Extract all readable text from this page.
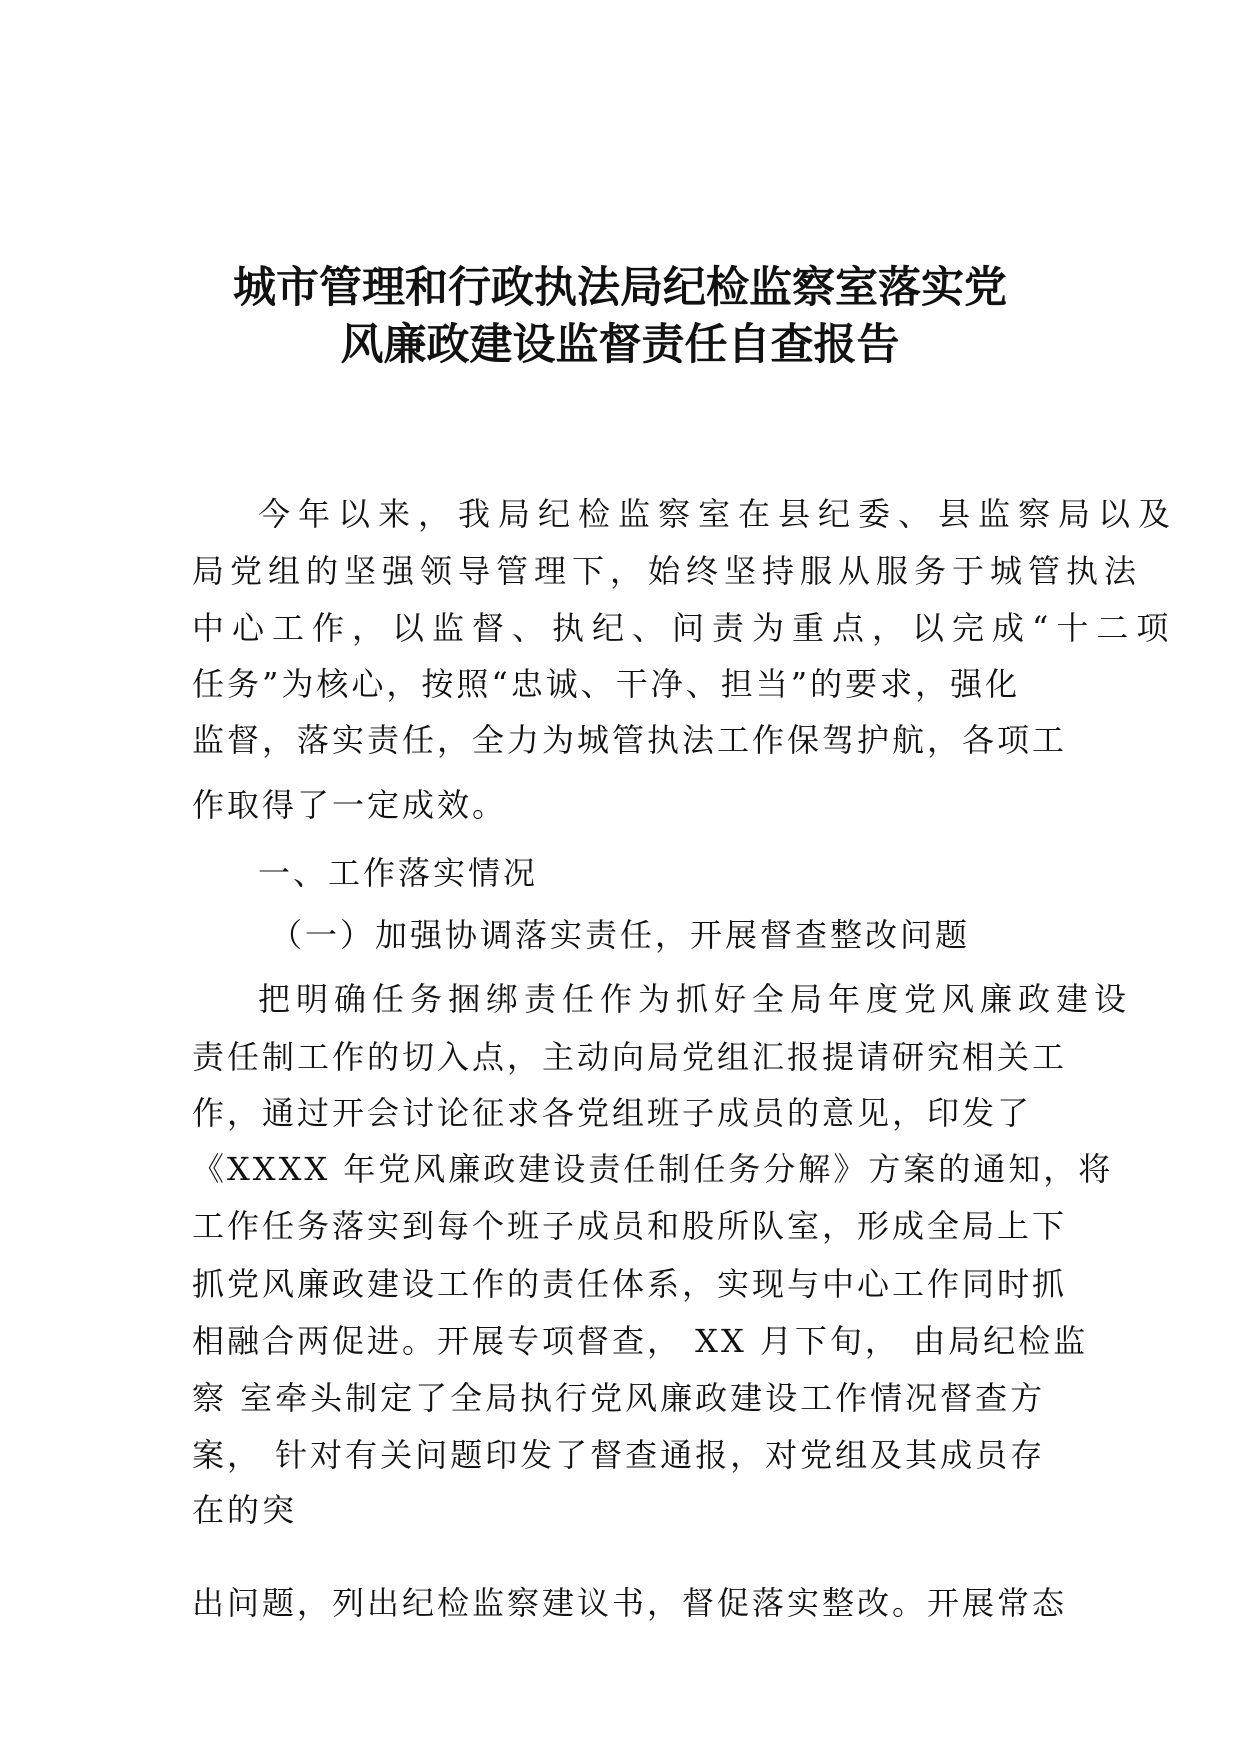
城市管理和行政执法局纪检监察室落实党
风廉政建设监督责任自查报告
今年以来，我局纪检监察室在县纪委、县监察局以及
局党组的坚强领导管理下，始终坚持服从服务于城管执法
中心工作，以监督、执纪、问责为重点，以完成“十二项
任务”为核心，按照“忠诚、干净、担当”的要求，强化
监督，落实责任，全力为城管执法工作保驾护航，各项工
作取得了一定成效。
一、工作落实情况
（一）加强协调落实责任，开展督查整改问题
把明确任务捆绑责任作为抓好全局年度党风廉政建设
责任制工作的切入点，主动向局党组汇报提请研究相关工
作，通过开会讨论征求各党组班子成员的意见，印发了
《XXXX 年党风廉政建设责任制任务分解》方案的通知，将
工作任务落实到每个班子成员和股所队室，形成全局上下
抓党风廉政建设工作的责任体系，实现与中心工作同时抓
相融合两促进。开展专项督查， XX 月下旬， 由局纪检监
察 室牵头制定了全局执行党风廉政建设工作情况督查方
案， 针对有关问题印发了督查通报，对党组及其成员存
在的突
出问题，列出纪检监察建议书，督促落实整改。开展常态
